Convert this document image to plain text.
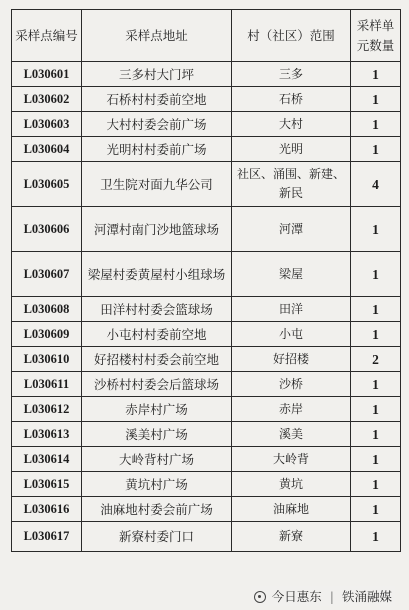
采样点编号	采样点地址	村（社区）范围	采样单元数量
L030601	三多村大门坪	三多	1
L030602	石桥村村委前空地	石桥	1
L030603	大村村委会前广场	大村	1
L030604	光明村村委前广场	光明	1
L030605	卫生院对面九华公司	社区、涌围、新建、新民	4
L030606	河潭村南门沙地篮球场	河潭	1
L030607	梁屋村委黄屋村小组球场	梁屋	1
L030608	田洋村村委会篮球场	田洋	1
L030609	小屯村村委前空地	小屯	1
L030610	好招楼村村委会前空地	好招楼	2
L030611	沙桥村村委会后篮球场	沙桥	1
L030612	赤岸村广场	赤岸	1
L030613	溪美村广场	溪美	1
L030614	大岭背村广场	大岭背	1
L030615	黄坑村广场	黄坑	1
L030616	油麻地村委会前广场	油麻地	1
L030617	新寮村委门口	新寮	1
今日惠东 | 铁涌融媒
